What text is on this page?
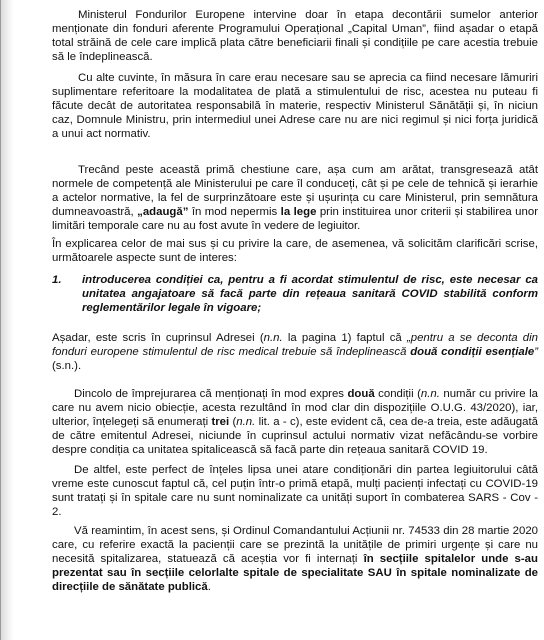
Ministerul Fondurilor Europene intervine doar în etapa decontării sumelor anterior menționate din fonduri aferente Programului Operațional „Capital Uman”, fiind așadar o etapă total străină de cele care implică plata către beneficiarii finali și condițiile pe care acestia trebuie să le îndeplinească.

Cu alte cuvinte, în măsura în care erau necesare sau se aprecia ca fiind necesare lămuriri suplimentare referitoare la modalitatea de plată a stimulentului de risc, acestea nu puteau fi făcute decât de autoritatea responsabilă în materie, respectiv Ministerul Sănătății și, în niciun caz, Domnule Ministru, prin intermediul unei Adrese care nu are nici regimul și nici forța juridică a unui act normativ.

Trecând peste această primă chestiune care, așa cum am arătat, transgresează atât normele de competență ale Ministerului pe care îl conduceți, cât și pe cele de tehnică și ierarhie a actelor normative, la fel de surprinzătoare este și ușurința cu care Ministerul, prin semnătura dumneavoastră, „adaugă” în mod nepermis la lege prin instituirea unor criterii și stabilirea unor limitări temporale care nu au fost avute în vedere de legiuitor.

În explicarea celor de mai sus și cu privire la care, de asemenea, vă solicităm clarificări scrise, următoarele aspecte sunt de interes:

1. introducerea condiției ca, pentru a fi acordat stimulentul de risc, este necesar ca unitatea angajatoare să facă parte din rețeaua sanitară COVID stabilită conform reglementărilor legale în vigoare;

Așadar, este scris în cuprinsul Adresei (n.n. la pagina 1) faptul că „pentru a se deconta din fonduri europene stimulentul de risc medical trebuie să îndeplinească două condiții esențiale” (s.n.).

Dincolo de împrejurarea că menționați în mod expres două condiții (n.n. număr cu privire la care nu avem nicio obiecție, acesta rezultând în mod clar din dispozițiile O.U.G. 43/2020), iar, ulterior, înțelegeți să enumerați trei (n.n. lit. a - c), este evident că, cea de-a treia, este adăugată de către emitentul Adresei, niciunde în cuprinsul actului normativ vizat nefăcându-se vorbire despre condiția ca unitatea spitalicească să facă parte din rețeaua sanitară COVID 19.

De altfel, este perfect de înțeles lipsa unei atare condiționări din partea legiuitorului câtă vreme este cunoscut faptul că, cel puțin într-o primă etapă, mulți pacienți infectați cu COVID-19 sunt tratați și în spitale care nu sunt nominalizate ca unități suport în combaterea SARS - Cov - 2.

Vă reamintim, în acest sens, și Ordinul Comandantului Acțiunii nr. 74533 din 28 martie 2020 care, cu referire exactă la pacienții care se prezintă la unitățile de primiri urgențe și care nu necesită spitalizarea, statuează că aceștia vor fi internați în secțiile spitalelor unde s-au prezentat sau în secțiile celorlalte spitale de specialitate SAU în spitale nominalizate de direcțiile de sănătate publică.
